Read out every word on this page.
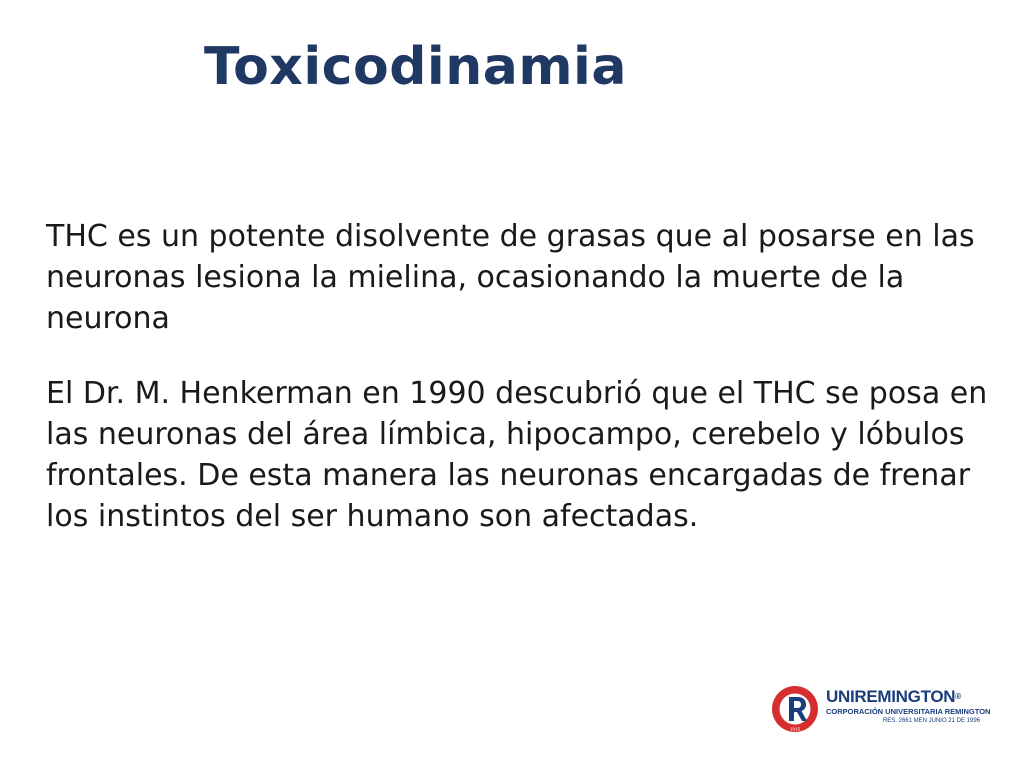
Toxicodinamia

THC es un potente disolvente de grasas que al posarse en las neuronas lesiona la mielina, ocasionando la muerte de la neurona

El Dr. M. Henkerman en 1990 descubrió que el THC se posa en las neuronas del área límbica, hipocampo, cerebelo y lóbulos frontales. De esta manera las neuronas encargadas de frenar los instintos del ser humano son afectadas.

1915
UNIREMINGTON®
CORPORACIÓN UNIVERSITARIA REMINGTON
RES. 2661 MEN JUNIO 21 DE 1996
